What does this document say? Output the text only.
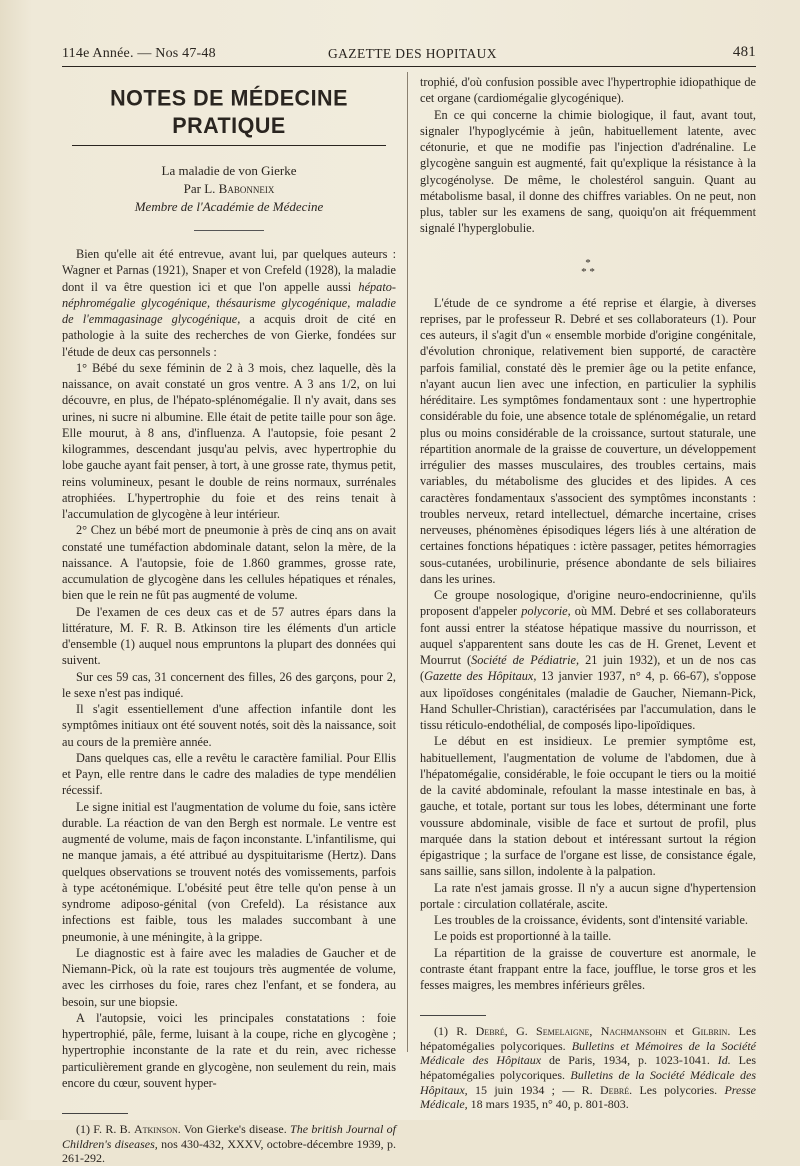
114e Année. — Nos 47-48	GAZETTE DES HOPITAUX	481
NOTES DE MÉDECINE PRATIQUE
La maladie de von Gierke
Par L. Babonneix
Membre de l'Académie de Médecine

Bien qu'elle ait été entrevue, avant lui, par quelques auteurs : Wagner et Parnas (1921), Snaper et von Crefeld (1928), la maladie dont il va être question ici et que l'on appelle aussi hépato-néphromégalie glycogénique, thésaurisme glycogénique, maladie de l'emmagasinage glycogénique, a acquis droit de cité en pathologie à la suite des recherches de von Gierke, fondées sur l'étude de deux cas personnels :

1° Bébé du sexe féminin de 2 à 3 mois, chez laquelle, dès la naissance, on avait constaté un gros ventre. A 3 ans 1/2, on lui découvre, en plus, de l'hépato-splénomégalie. Il n'y avait, dans ses urines, ni sucre ni albumine. Elle était de petite taille pour son âge. Elle mourut, à 8 ans, d'influenza. A l'autopsie, foie pesant 2 kilogrammes, descendant jusqu'au pelvis, avec hypertrophie du lobe gauche ayant fait penser, à tort, à une grosse rate, thymus petit, reins volumineux, pesant le double de reins normaux, surrénales atrophiées. L'hypertrophie du foie et des reins tenait à l'accumulation de glycogène à leur intérieur.

2° Chez un bébé mort de pneumonie à près de cinq ans on avait constaté une tuméfaction abdominale datant, selon la mère, de la naissance. A l'autopsie, foie de 1.860 grammes, grosse rate, accumulation de glycogène dans les cellules hépatiques et rénales, bien que le rein ne fût pas augmenté de volume.

De l'examen de ces deux cas et de 57 autres épars dans la littérature, M. F. R. B. Atkinson tire les éléments d'un article d'ensemble (1) auquel nous empruntons la plupart des données qui suivent.

Sur ces 59 cas, 31 concernent des filles, 26 des garçons, pour 2, le sexe n'est pas indiqué.

Il s'agit essentiellement d'une affection infantile dont les symptômes initiaux ont été souvent notés, soit dès la naissance, soit au cours de la première année.

Dans quelques cas, elle a revêtu le caractère familial. Pour Ellis et Payn, elle rentre dans le cadre des maladies de type mendélien récessif.

Le signe initial est l'augmentation de volume du foie, sans ictère durable. La réaction de van den Bergh est normale. Le ventre est augmenté de volume, mais de façon inconstante. L'infantilisme, qui ne manque jamais, a été attribué au dyspituitarisme (Hertz). Dans quelques observations se trouvent notés des vomissements, parfois à type acétonémique. L'obésité peut être telle qu'on pense à un syndrome adiposo-génital (von Crefeld). La résistance aux infections est faible, tous les malades succombant à une pneumonie, à une méningite, à la grippe.

Le diagnostic est à faire avec les maladies de Gaucher et de Niemann-Pick, où la rate est toujours très augmentée de volume, avec les cirrhoses du foie, rares chez l'enfant, et se fondera, au besoin, sur une biopsie.

A l'autopsie, voici les principales constatations : foie hypertrophié, pâle, ferme, luisant à la coupe, riche en glycogène ; hypertrophie inconstante de la rate et du rein, avec richesse particulièrement grande en glycogène, non seulement du rein, mais encore du cœur, souvent hyper-

(1) F. R. B. Atkinson. Von Gierke's disease. The british Journal of Children's diseases, nos 430-432, XXXV, octobre-décembre 1939, p. 261-292.

trophié, d'où confusion possible avec l'hypertrophie idiopathique de cet organe (cardiomégalie glycogénique).

En ce qui concerne la chimie biologique, il faut, avant tout, signaler l'hypoglycémie à jeûn, habituellement latente, avec cétonurie, et que ne modifie pas l'injection d'adrénaline. Le glycogène sanguin est augmenté, fait qu'explique la résistance à la glycogénolyse. De même, le cholestérol sanguin. Quant au métabolisme basal, il donne des chiffres variables. On ne peut, non plus, tabler sur les examens de sang, quoiqu'on ait fréquemment signalé l'hyperglobulie.

*
* *

L'étude de ce syndrome a été reprise et élargie, à diverses reprises, par le professeur R. Debré et ses collaborateurs (1). Pour ces auteurs, il s'agit d'un « ensemble morbide d'origine congénitale, d'évolution chronique, relativement bien supporté, de caractère parfois familial, constaté dès le premier âge ou la petite enfance, n'ayant aucun lien avec une infection, en particulier la syphilis héréditaire. Les symptômes fondamentaux sont : une hypertrophie considérable du foie, une absence totale de splénomégalie, un retard plus ou moins considérable de la croissance, surtout staturale, une répartition anormale de la graisse de couverture, un développement irrégulier des masses musculaires, des troubles certains, mais variables, du métabolisme des glucides et des lipides. A ces caractères fondamentaux s'associent des symptômes inconstants : troubles nerveux, retard intellectuel, démarche incertaine, crises nerveuses, phénomènes épisodiques légers liés à une altération de certaines fonctions hépatiques : ictère passager, petites hémorragies sous-cutanées, urobilinurie, présence abondante de sels biliaires dans les urines.

Ce groupe nosologique, d'origine neuro-endocrinienne, qu'ils proposent d'appeler polycorie, où MM. Debré et ses collaborateurs font aussi entrer la stéatose hépatique massive du nourrisson, et auquel s'apparentent sans doute les cas de H. Grenet, Levent et Mourrut (Société de Pédiatrie, 21 juin 1932), et un de nos cas (Gazette des Hôpitaux, 13 janvier 1937, n° 4, p. 66-67), s'oppose aux lipoïdoses congénitales (maladie de Gaucher, Niemann-Pick, Hand Schuller-Christian), caractérisées par l'accumulation, dans le tissu réticulo-endothélial, de composés lipo-lipoïdiques.

Le début en est insidieux. Le premier symptôme est, habituellement, l'augmentation de volume de l'abdomen, due à l'hépatomégalie, considérable, le foie occupant le tiers ou la moitié de la cavité abdominale, refoulant la masse intestinale en bas, à gauche, et totale, portant sur tous les lobes, déterminant une forte voussure abdominale, visible de face et surtout de profil, plus marquée dans la station debout et intéressant surtout la région épigastrique ; la surface de l'organe est lisse, de consistance égale, sans saillie, sans sillon, indolente à la palpation.

La rate n'est jamais grosse. Il n'y a aucun signe d'hypertension portale : circulation collatérale, ascite.

Les troubles de la croissance, évidents, sont d'intensité variable.

Le poids est proportionné à la taille.

La répartition de la graisse de couverture est anormale, le contraste étant frappant entre la face, joufflue, le torse gros et les fesses maigres, les membres inférieurs grêles.

(1) R. Debré, G. Semelaigne, Nachmansohn et Gilbrin. Les hépatomégalies polycoriques. Bulletins et Mémoires de la Société Médicale des Hôpitaux de Paris, 1934, p. 1023-1041. Id. Les hépatomégalies polycoriques. Bulletins de la Société Médicale des Hôpitaux, 15 juin 1934 ; — R. Debré. Les polycories. Presse Médicale, 18 mars 1935, n° 40, p. 801-803.
